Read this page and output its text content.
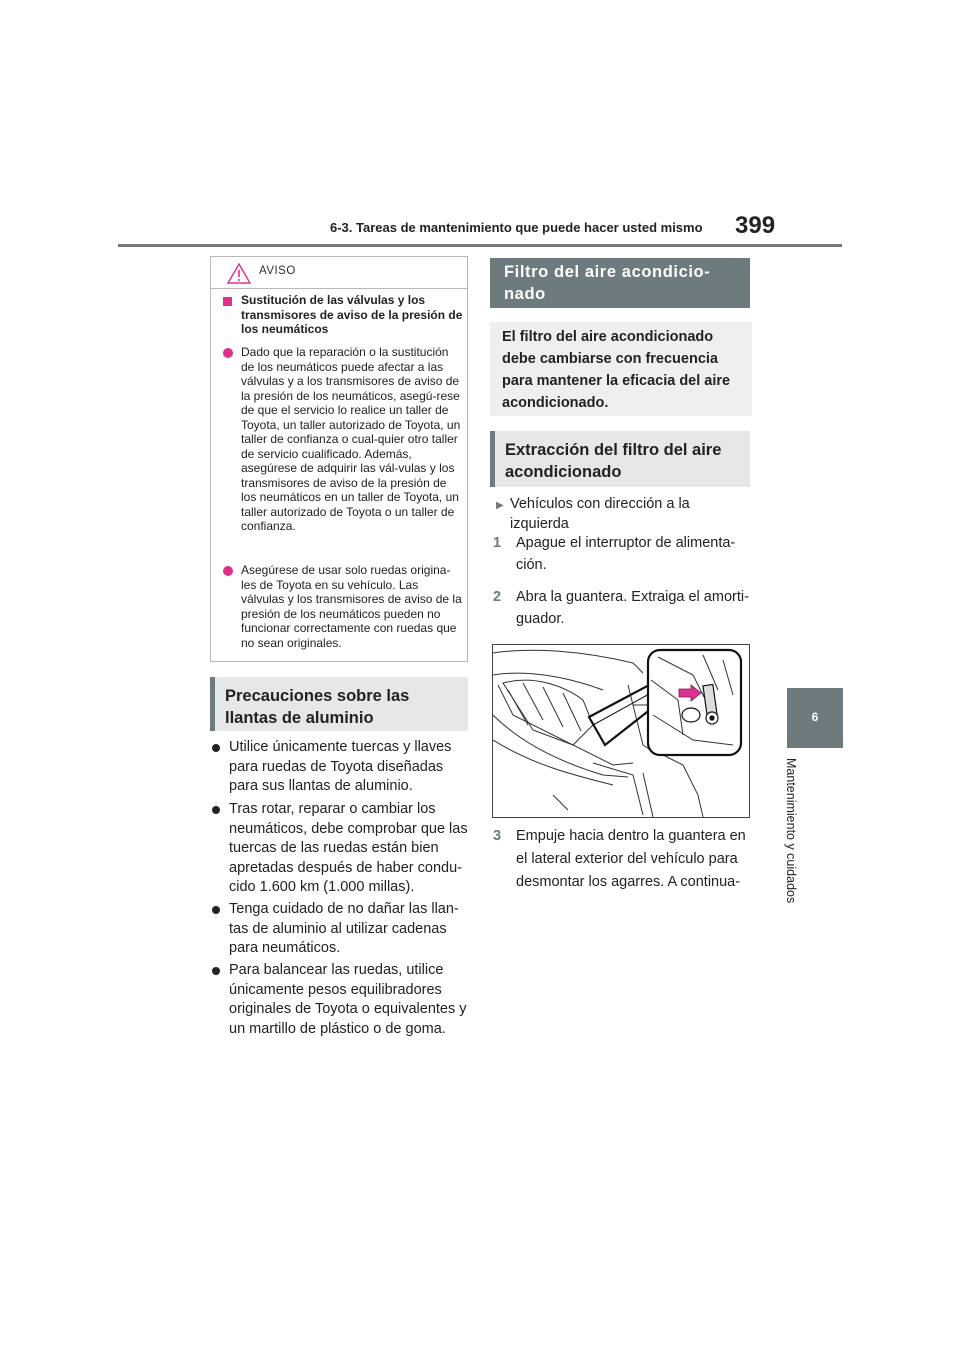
6-3. Tareas de mantenimiento que puede hacer usted mismo 399
6
Mantenimiento y cuidados
AVISO
Sustitución de las válvulas y los transmisores de aviso de la presión de los neumáticos
Dado que la reparación o la sustitución de los neumáticos puede afectar a las válvulas y a los transmisores de aviso de la presión de los neumáticos, asegú-rese de que el servicio lo realice un taller de Toyota, un taller autorizado de Toyota, un taller de confianza o cual-quier otro taller de servicio cualificado. Además, asegúrese de adquirir las vál-vulas y los transmisores de aviso de la presión de los neumáticos en un taller de Toyota, un taller autorizado de Toyota o un taller de confianza.
Asegúrese de usar solo ruedas origina-les de Toyota en su vehículo. Las válvulas y los transmisores de aviso de la presión de los neumáticos pueden no funcionar correctamente con ruedas que no sean originales.
Precauciones sobre las llantas de aluminio
Utilice únicamente tuercas y llaves para ruedas de Toyota diseñadas para sus llantas de aluminio.
Tras rotar, reparar o cambiar los neumáticos, debe comprobar que las tuercas de las ruedas están bien apretadas después de haber condu-cido 1.600 km (1.000 millas).
Tenga cuidado de no dañar las llan-tas de aluminio al utilizar cadenas para neumáticos.
Para balancear las ruedas, utilice únicamente pesos equilibradores originales de Toyota o equivalentes y un martillo de plástico o de goma.
Filtro del aire acondicio-nado
El filtro del aire acondicionado debe cambiarse con frecuencia para mantener la eficacia del aire acondicionado.
Extracción del filtro del aire acondicionado
▶ Vehículos con dirección a la izquierda
1 Apague el interruptor de alimenta-ción.
2 Abra la guantera. Extraiga el amorti-guador.
3 Empuje hacia dentro la guantera en el lateral exterior del vehículo para desmontar los agarres. A continua-
